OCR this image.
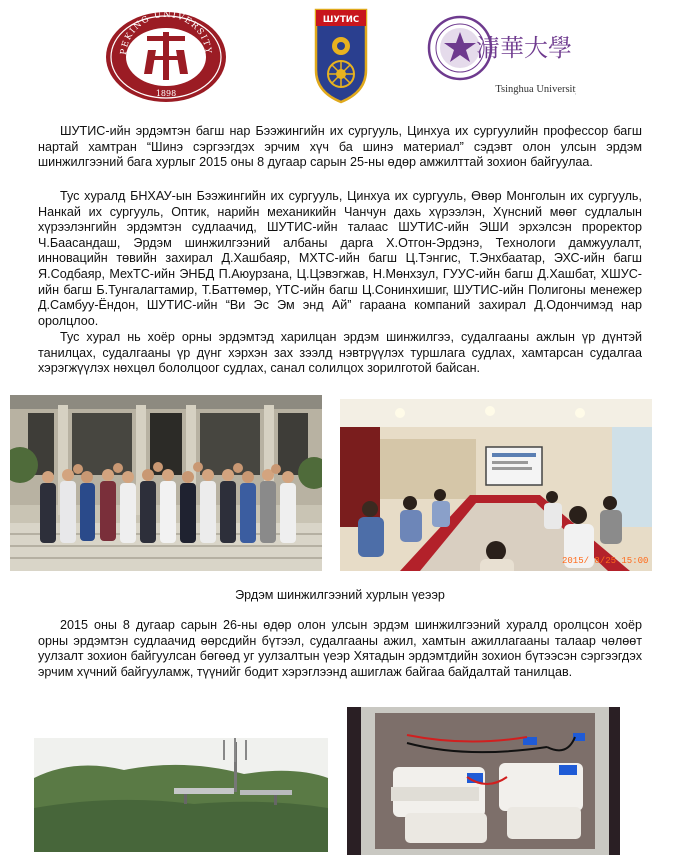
PEKING UNIVERSITY
1898
ШУТИС
清華大學
Tsinghua University

ШУТИС-ийн эрдэмтэн багш нар Бээжингийн их сургууль, Цинхуа их сургуулийн профессор багш нартай хамтран “Шинэ сэргээгдэх эрчим хүч ба шинэ материал” сэдэвт олон улсын эрдэм шинжилгээний бага хурлыг 2015 оны 8 дугаар сарын 25-ны өдөр амжилттай зохион байгуулаа.

Тус хуралд БНХАУ-ын Бээжингийн их сургууль, Цинхуа их сургууль, Өвөр Монголын их сургууль, Нанкай их сургууль, Оптик, нарийн механикийн Чанчун дахь хүрээлэн, Хүнсний мөөг судлалын хүрээлэнгийн эрдэмтэн судлаачид, ШУТИС-ийн талаас ШУТИС-ийн ЭШИ эрхэлсэн проректор Ч.Баасандаш, Эрдэм шинжилгээний албаны дарга Х.Отгон-Эрдэнэ, Технологи дамжуулалт, инновацийн төвийн захирал Д.Хашбаяр, МХТС-ийн багш Ц.Тэнгис, Т.Энхбаатар, ЭХС-ийн багш Я.Содбаяр, МехТС-ийн ЭНБД П.Аюурзана, Ц.Цэвэгжав, Н.Мөнхзул, ГУУС-ийн багш Д.Хашбат, ХШУС-ийн багш Б.Тунгалагтамир, Т.Баттөмөр, ҮТС-ийн багш Ц.Сонинхишиг, ШУТИС-ийн Полигоны менежер Д.Самбуу-Ёндон, ШУТИС-ийн “Ви Эс Эм энд Ай” гараана компаний захирал Д.Одончимэд нар оролцлоо.

Тус хурал нь хоёр орны эрдэмтэд харилцан эрдэм шинжилгээ, судалгааны ажлын үр дүнтэй танилцах, судалгааны үр дүнг хэрхэн зах зээлд нэвтрүүлэх туршлага судлах, хамтарсан судалгаа хэрэгжүүлэх нөхцөл бололцоог судлах, санал солилцох зорилготой байсан.

2015/ 8/25 15:00
Эрдэм шинжилгээний хурлын үеээр

2015 оны 8 дугаар сарын 26-ны өдөр олон улсын эрдэм шинжилгээний хуралд оролцсон хоёр орны эрдэмтэн судлаачид өөрсдийн бүтээл, судалгааны ажил, хамтын ажиллагааны талаар чөлөөт уулзалт зохион байгуулсан бөгөөд уг уулзалтын үеэр Хятадын эрдэмтдийн зохион бүтээсэн сэргээгдэх эрчим хүчний байгууламж, түүнийг бодит хэрэглээнд ашиглаж байгаа байдалтай танилцав.
